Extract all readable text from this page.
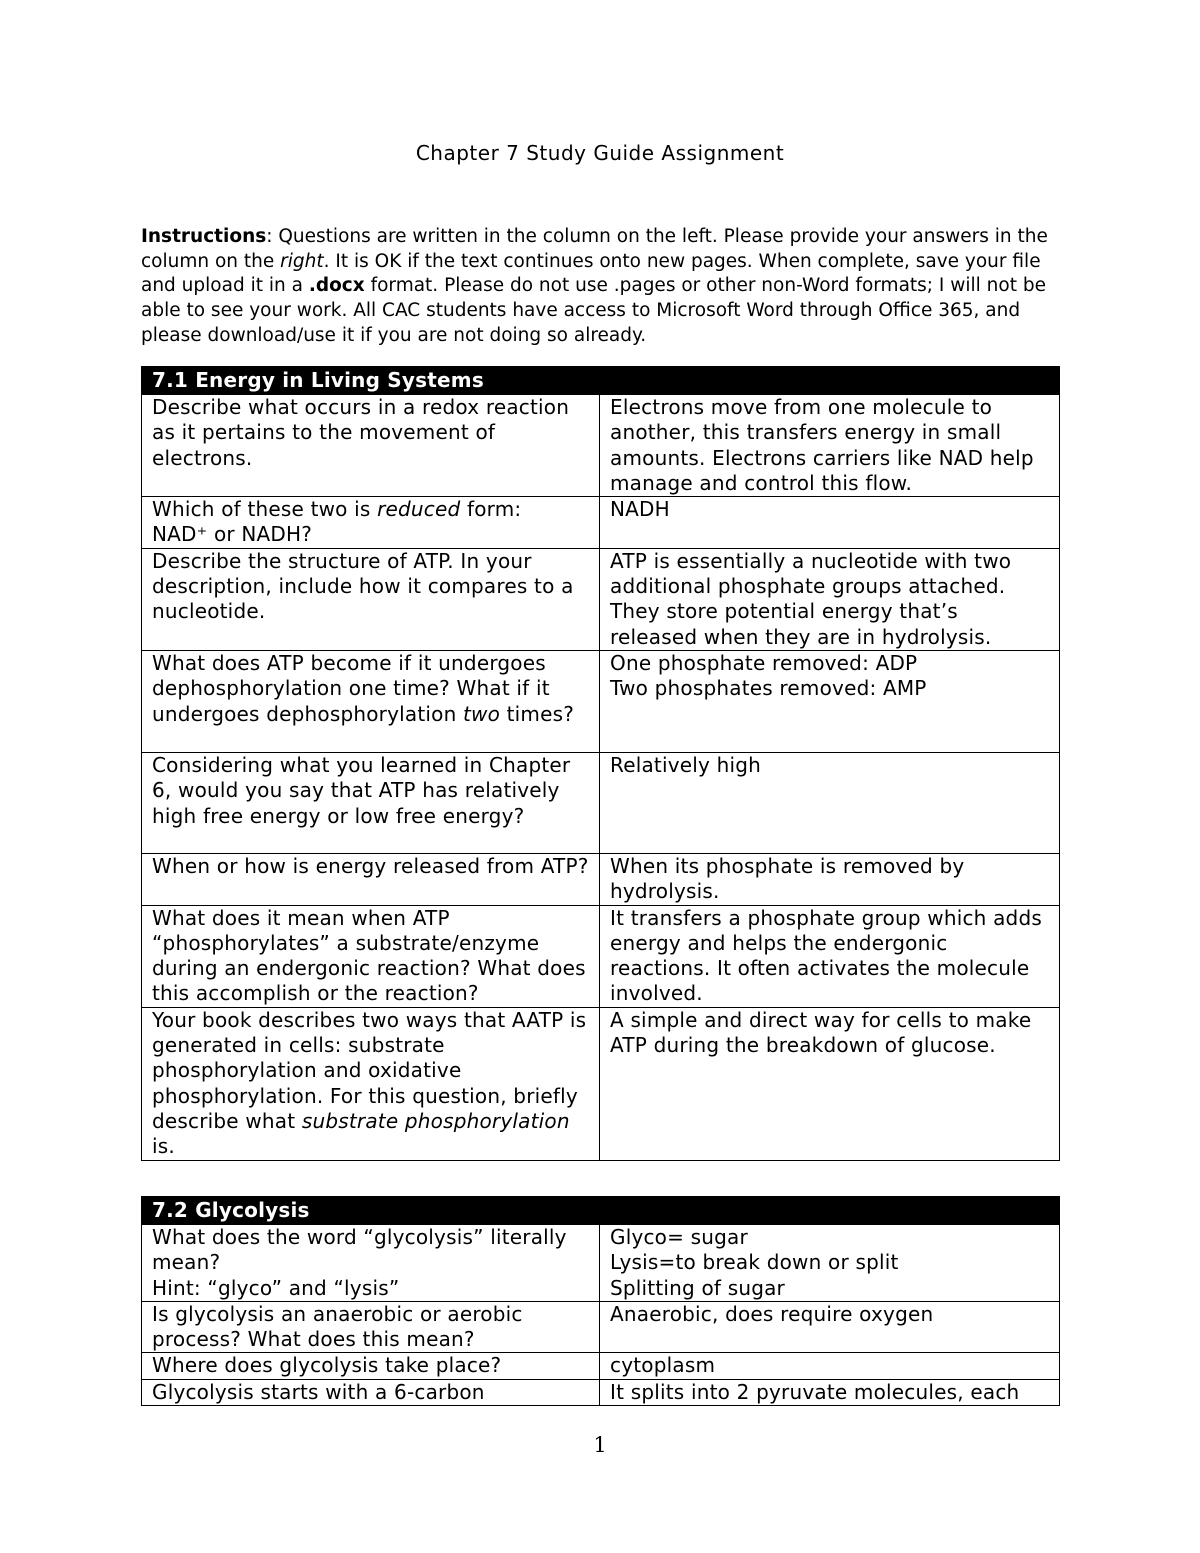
Chapter 7 Study Guide Assignment
Instructions: Questions are written in the column on the left. Please provide your answers in the column on the right. It is OK if the text continues onto new pages. When complete, save your file and upload it in a .docx format. Please do not use .pages or other non-Word formats; I will not be able to see your work. All CAC students have access to Microsoft Word through Office 365, and please download/use it if you are not doing so already.
7.1 Energy in Living Systems	
Describe what occurs in a redox reaction as it pertains to the movement of electrons.	Electrons move from one molecule to another, this transfers energy in small amounts. Electrons carriers like NAD help manage and control this flow.
Which of these two is reduced form:
NAD⁺ or NADH?	NADH
Describe the structure of ATP. In your description, include how it compares to a nucleotide.	ATP is essentially a nucleotide with two additional phosphate groups attached. They store potential energy that’s released when they are in hydrolysis.
What does ATP become if it undergoes dephosphorylation one time? What if it undergoes dephosphorylation two times?	One phosphate removed: ADP
Two phosphates removed: AMP
Considering what you learned in Chapter 6, would you say that ATP has relatively high free energy or low free energy?	Relatively high
When or how is energy released from ATP?	When its phosphate is removed by hydrolysis.
What does it mean when ATP “phosphorylates” a substrate/enzyme during an endergonic reaction? What does this accomplish or the reaction?	It transfers a phosphate group which adds energy and helps the endergonic reactions. It often activates the molecule involved.
Your book describes two ways that AATP is generated in cells: substrate phosphorylation and oxidative phosphorylation. For this question, briefly describe what substrate phosphorylation is.	A simple and direct way for cells to make ATP during the breakdown of glucose.
7.2 Glycolysis	
What does the word “glycolysis” literally mean?
Hint: “glyco” and “lysis”	Glyco= sugar
Lysis=to break down or split
Splitting of sugar
Is glycolysis an anaerobic or aerobic process? What does this mean?	Anaerobic, does require oxygen
Where does glycolysis take place?	cytoplasm
Glycolysis starts with a 6-carbon	It splits into 2 pyruvate molecules, each
1
